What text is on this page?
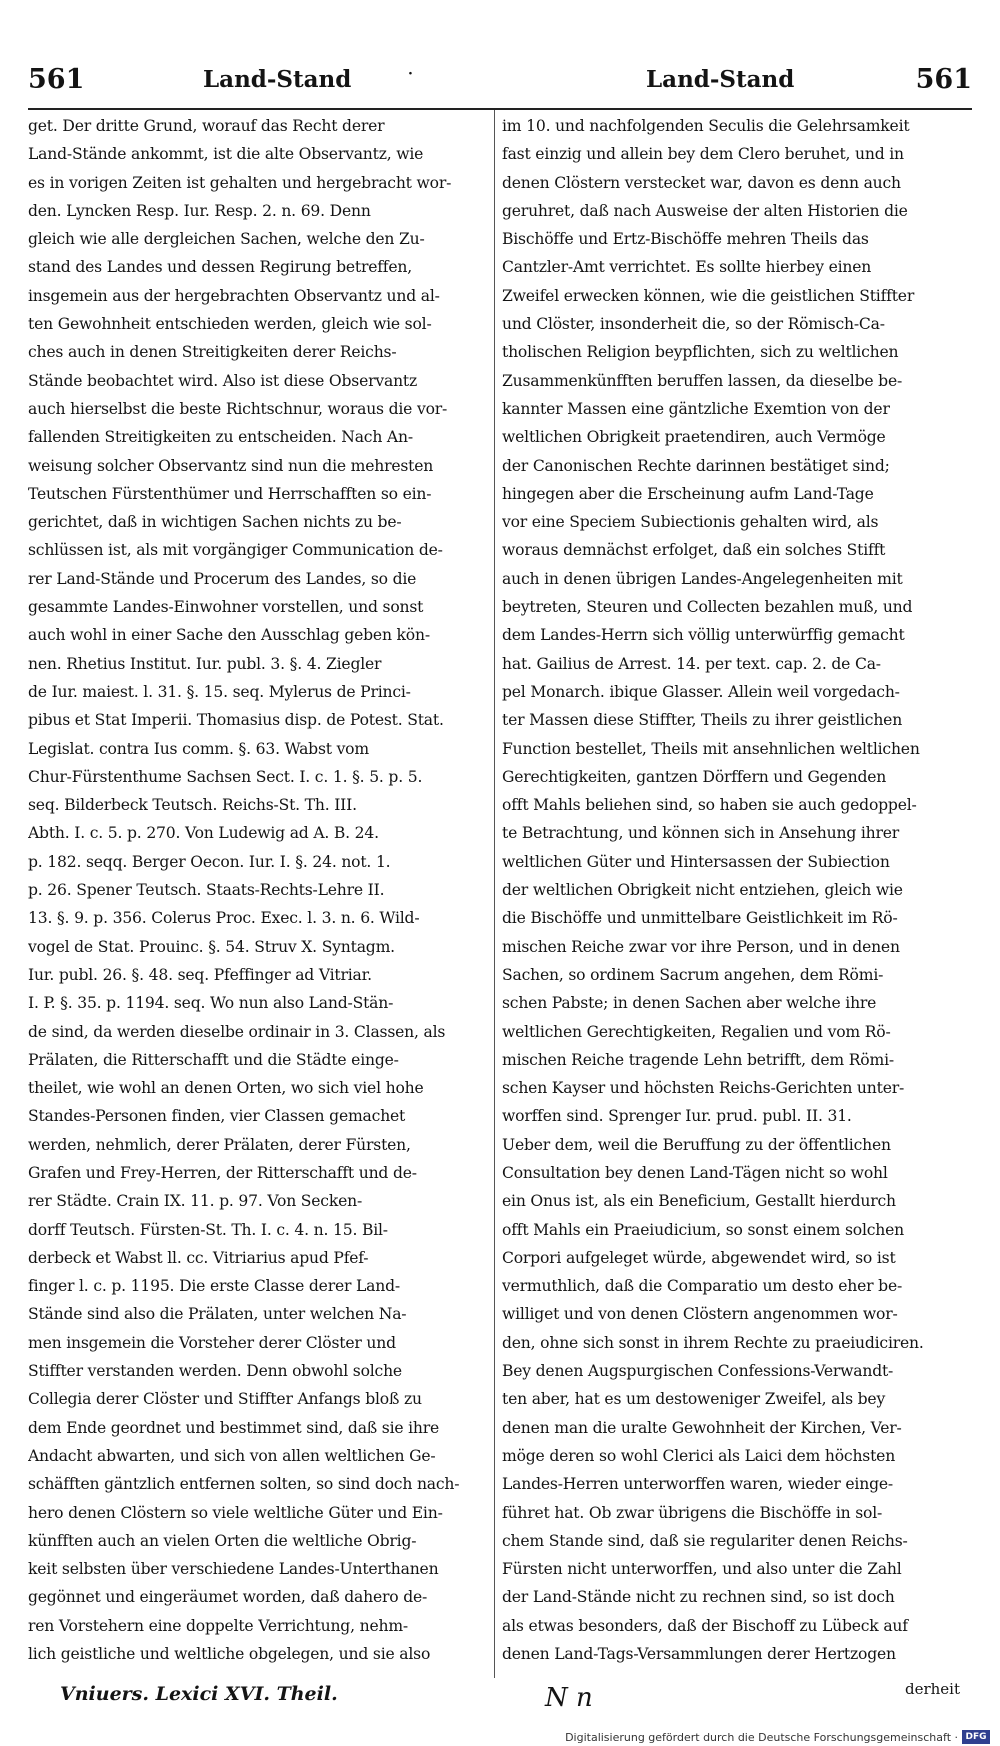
561	Land-Stand	·	Land-Stand	561
get. Der dritte Grund, worauf das Recht derer
Land-Stände ankommt, ist die alte Observantz, wie
es in vorigen Zeiten ist gehalten und hergebracht wor-
den. Lyncken Resp. Iur. Resp. 2. n. 69. Denn
gleich wie alle dergleichen Sachen, welche den Zu-
stand des Landes und dessen Regirung betreffen,
insgemein aus der hergebrachten Observantz und al-
ten Gewohnheit entschieden werden, gleich wie sol-
ches auch in denen Streitigkeiten derer Reichs-
Stände beobachtet wird. Also ist diese Observantz
auch hierselbst die beste Richtschnur, woraus die vor-
fallenden Streitigkeiten zu entscheiden. Nach An-
weisung solcher Observantz sind nun die mehresten
Teutschen Fürstenthümer und Herrschafften so ein-
gerichtet, daß in wichtigen Sachen nichts zu be-
schlüssen ist, als mit vorgängiger Communication de-
rer Land-Stände und Procerum des Landes, so die
gesammte Landes-Einwohner vorstellen, und sonst
auch wohl in einer Sache den Ausschlag geben kön-
nen. Rhetius Institut. Iur. publ. 3. §. 4. Ziegler
de Iur. maiest. l. 31. §. 15. seq. Mylerus de Princi-
pibus et Stat Imperii. Thomasius disp. de Potest. Stat.
Legislat. contra Ius comm. §. 63. Wabst vom
Chur-Fürstenthume Sachsen Sect. I. c. 1. §. 5. p. 5.
seq. Bilderbeck Teutsch. Reichs-St. Th. III.
Abth. I. c. 5. p. 270. Von Ludewig ad A. B. 24.
p. 182. seqq. Berger Oecon. Iur. I. §. 24. not. 1.
p. 26. Spener Teutsch. Staats-Rechts-Lehre II.
13. §. 9. p. 356. Colerus Proc. Exec. l. 3. n. 6. Wild-
vogel de Stat. Prouinc. §. 54. Struv X. Syntagm.
Iur. publ. 26. §. 48. seq. Pfeffinger ad Vitriar.
I. P. §. 35. p. 1194. seq. Wo nun also Land-Stän-
de sind, da werden dieselbe ordinair in 3. Classen, als
Prälaten, die Ritterschafft und die Städte einge-
theilet, wie wohl an denen Orten, wo sich viel hohe
Standes-Personen finden, vier Classen gemachet
werden, nehmlich, derer Prälaten, derer Fürsten,
Grafen und Frey-Herren, der Ritterschafft und de-
rer Städte. Crain IX. 11. p. 97. Von Secken-
dorff Teutsch. Fürsten-St. Th. I. c. 4. n. 15. Bil-
derbeck et Wabst ll. cc. Vitriarius apud Pfef-
finger l. c. p. 1195. Die erste Classe derer Land-
Stände sind also die Prälaten, unter welchen Na-
men insgemein die Vorsteher derer Clöster und
Stiffter verstanden werden. Denn obwohl solche
Collegia derer Clöster und Stiffter Anfangs bloß zu
dem Ende geordnet und bestimmet sind, daß sie ihre
Andacht abwarten, und sich von allen weltlichen Ge-
schäfften gäntzlich entfernen solten, so sind doch nach-
hero denen Clöstern so viele weltliche Güter und Ein-
künfften auch an vielen Orten die weltliche Obrig-
keit selbsten über verschiedene Landes-Unterthanen
gegönnet und eingeräumet worden, daß dahero de-
ren Vorstehern eine doppelte Verrichtung, nehm-
lich geistliche und weltliche obgelegen, und sie also
im 10. und nachfolgenden Seculis die Gelehrsamkeit
fast einzig und allein bey dem Clero beruhet, und in
denen Clöstern verstecket war, davon es denn auch
geruhret, daß nach Ausweise der alten Historien die
Bischöffe und Ertz-Bischöffe mehren Theils das
Cantzler-Amt verrichtet. Es sollte hierbey einen
Zweifel erwecken können, wie die geistlichen Stiffter
und Clöster, insonderheit die, so der Römisch-Ca-
tholischen Religion beypflichten, sich zu weltlichen
Zusammenkünfften beruffen lassen, da dieselbe be-
kannter Massen eine gäntzliche Exemtion von der
weltlichen Obrigkeit praetendiren, auch Vermöge
der Canonischen Rechte darinnen bestätiget sind;
hingegen aber die Erscheinung aufm Land-Tage
vor eine Speciem Subiectionis gehalten wird, als
woraus demnächst erfolget, daß ein solches Stifft
auch in denen übrigen Landes-Angelegenheiten mit
beytreten, Steuren und Collecten bezahlen muß, und
dem Landes-Herrn sich völlig unterwürffig gemacht
hat. Gailius de Arrest. 14. per text. cap. 2. de Ca-
pel Monarch. ibique Glasser. Allein weil vorgedach-
ter Massen diese Stiffter, Theils zu ihrer geistlichen
Function bestellet, Theils mit ansehnlichen weltlichen
Gerechtigkeiten, gantzen Dörffern und Gegenden
offt Mahls beliehen sind, so haben sie auch gedoppel-
te Betrachtung, und können sich in Ansehung ihrer
weltlichen Güter und Hintersassen der Subiection
der weltlichen Obrigkeit nicht entziehen, gleich wie
die Bischöffe und unmittelbare Geistlichkeit im Rö-
mischen Reiche zwar vor ihre Person, und in denen
Sachen, so ordinem Sacrum angehen, dem Römi-
schen Pabste; in denen Sachen aber welche ihre
weltlichen Gerechtigkeiten, Regalien und vom Rö-
mischen Reiche tragende Lehn betrifft, dem Römi-
schen Kayser und höchsten Reichs-Gerichten unter-
worffen sind. Sprenger Iur. prud. publ. II. 31.
Ueber dem, weil die Beruffung zu der öffentlichen
Consultation bey denen Land-Tägen nicht so wohl
ein Onus ist, als ein Beneficium, Gestallt hierdurch
offt Mahls ein Praeiudicium, so sonst einem solchen
Corpori aufgeleget würde, abgewendet wird, so ist
vermuthlich, daß die Comparatio um desto eher be-
williget und von denen Clöstern angenommen wor-
den, ohne sich sonst in ihrem Rechte zu praeiudiciren.
Bey denen Augspurgischen Confessions-Verwandt-
ten aber, hat es um destoweniger Zweifel, als bey
denen man die uralte Gewohnheit der Kirchen, Ver-
möge deren so wohl Clerici als Laici dem höchsten
Landes-Herren unterworffen waren, wieder einge-
führet hat. Ob zwar übrigens die Bischöffe in sol-
chem Stande sind, daß sie regulariter denen Reichs-
Fürsten nicht unterworffen, und also unter die Zahl
der Land-Stände nicht zu rechnen sind, so ist doch
als etwas besonders, daß der Bischoff zu Lübeck auf
denen Land-Tags-Versammlungen derer Hertzogen
Vniuers. Lexici XVI. Theil.	N n	derheit
Digitalisierung gefördert durch die Deutsche Forschungsgemeinschaft · DFG
